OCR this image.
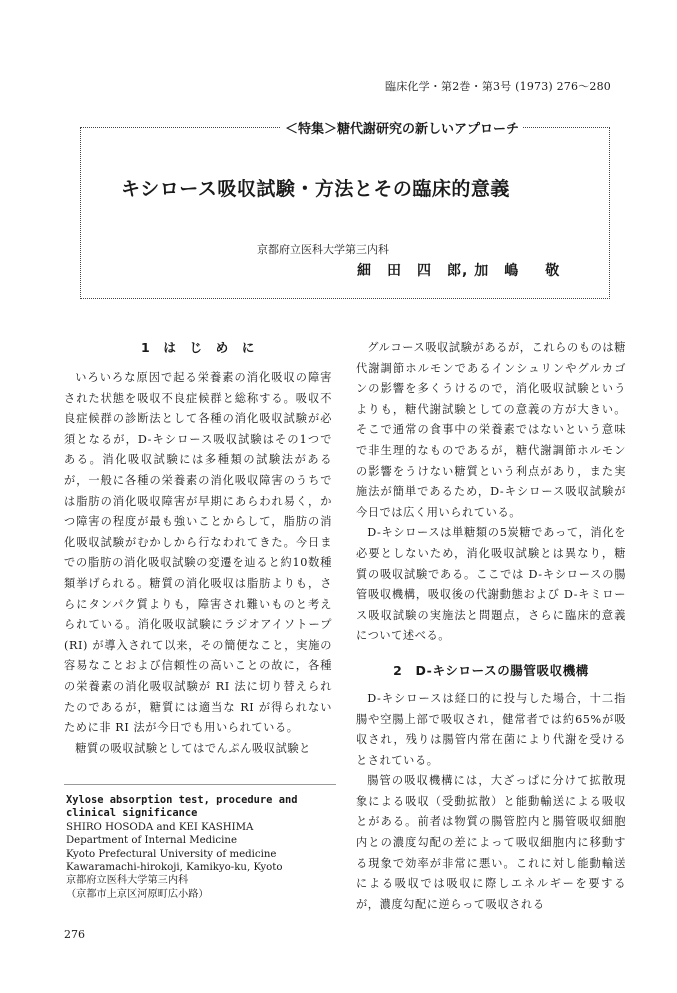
臨床化学・第2巻・第3号 (1973) 276〜280
＜特集＞糖代謝研究の新しいアプローチ
キシロース吸収試験・方法とその臨床的意義
京都府立医科大学第三内科
細　田　四　郎, 加　嶋 敬
1　は　じ　め　に

いろいろな原因で起る栄養素の消化吸収の障害された状態を吸収不良症候群と総称する。吸収不良症候群の診断法として各種の消化吸収試験が必須となるが，D-キシロース吸収試験はその1つである。消化吸収試験には多種類の試験法があるが，一般に各種の栄養素の消化吸収障害のうちでは脂肪の消化吸収障害が早期にあらわれ易く，かつ障害の程度が最も強いことからして，脂肪の消化吸収試験がむかしから行なわれてきた。今日までの脂肪の消化吸収試験の変遷を辿ると約10数種類挙げられる。糖質の消化吸収は脂肪よりも，さらにタンパク質よりも，障害され難いものと考えられている。消化吸収試験にラジオアイソトープ (RI) が導入されて以来，その簡便なこと，実施の容易なことおよび信頼性の高いことの故に，各種の栄養素の消化吸収試験が RI 法に切り替えられたのであるが，糖質には適当な RI が得られないために非 RI 法が今日でも用いられている。

糖質の吸収試験としてはでんぷん吸収試験と

グルコース吸収試験があるが，これらのものは糖代謝調節ホルモンであるインシュリンやグルカゴンの影響を多くうけるので，消化吸収試験というよりも，糖代謝試験としての意義の方が大きい。そこで通常の食事中の栄養素ではないという意味で非生理的なものであるが，糖代謝調節ホルモンの影響をうけない糖質という利点があり，また実施法が簡単であるため，D-キシロース吸収試験が今日では広く用いられている。

D-キシロースは単糖類の5炭糖であって，消化を必要としないため，消化吸収試験とは異なり，糖質の吸収試験である。ここでは D-キシロースの腸管吸収機構，吸収後の代謝動態および D-キミロース吸収試験の実施法と問題点，さらに臨床的意義について述べる。

2　D-キシロースの腸管吸収機構

D-キシロースは経口的に投与した場合，十二指腸や空腸上部で吸収され，健常者では約65%が吸収され，残りは腸管内常在菌により代謝を受けるとされている。

腸管の吸収機構には，大ざっぱに分けて拡散現象による吸収（受動拡散）と能動輸送による吸収とがある。前者は物質の腸管腔内と腸管吸収細胞内との濃度勾配の差によって吸収細胞内に移動する現象で効率が非常に悪い。これに対し能動輸送による吸収では吸収に際しエネルギーを要するが，濃度勾配に逆らって吸収される

Xylose absorption test, procedure and
clinical significance
SHIRO HOSODA and KEI KASHIMA
Department of Internal Medicine
Kyoto Prefectural University of medicine
Kawaramachi-hirokoji, Kamikyo-ku, Kyoto
京都府立医科大学第三内科
（京都市上京区河原町広小路）
276
